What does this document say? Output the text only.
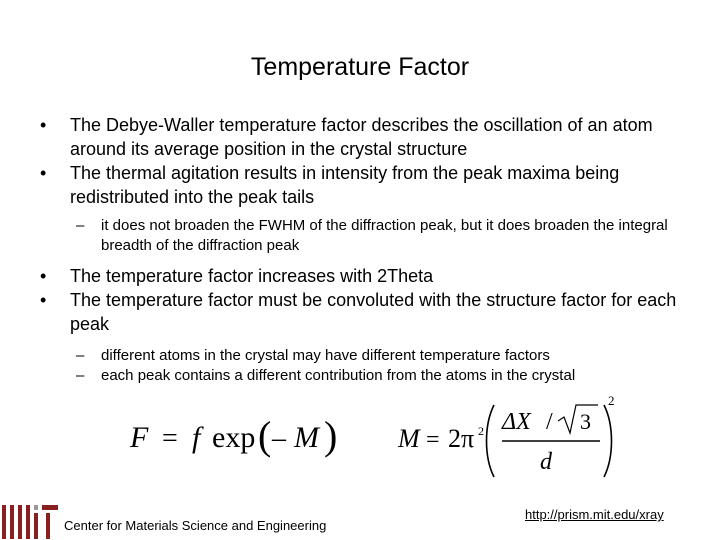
Temperature Factor
• The Debye-Waller temperature factor describes the oscillation of an atom around its average position in the crystal structure
• The thermal agitation results in intensity from the peak maxima being redistributed into the peak tails
– it does not broaden the FWHM of the diffraction peak, but it does broaden the integral breadth of the diffraction peak
• The temperature factor increases with 2Theta
• The temperature factor must be convoluted with the structure factor for each peak
– different atoms in the crystal may have different temperature factors
– each peak contains a different contribution from the atoms in the crystal
F = f exp ( – M ) M = 2π 2 ΔX / 3
d
2
Center for Materials Science and Engineering
http://prism.mit.edu/xray
